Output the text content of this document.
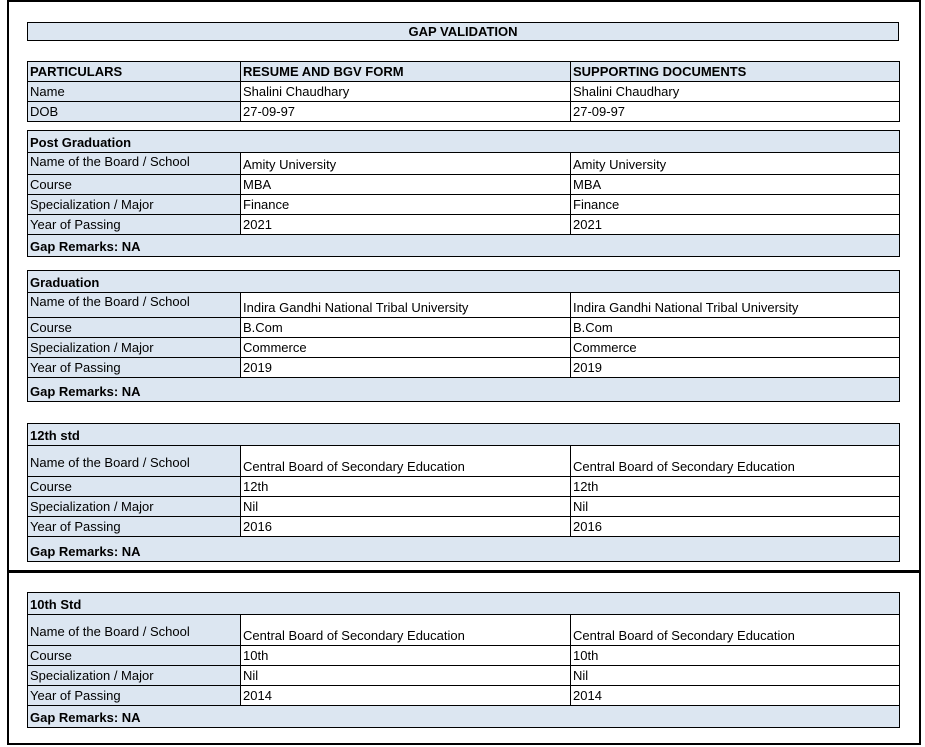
GAP VALIDATION
PARTICULARS	RESUME AND BGV FORM	SUPPORTING DOCUMENTS
Name	Shalini Chaudhary	Shalini Chaudhary
DOB	27-09-97	27-09-97
Post Graduation		
Name of the Board / School	Amity University	Amity University
Course	MBA	MBA
Specialization / Major	Finance	Finance
Year of Passing	2021	2021
Gap Remarks: NA		
Graduation		
Name of the Board / School	Indira Gandhi National Tribal University	Indira Gandhi National Tribal University
Course	B.Com	B.Com
Specialization / Major	Commerce	Commerce
Year of Passing	2019	2019
Gap Remarks: NA		
12th std		
Name of the Board / School	Central Board of Secondary Education	Central Board of Secondary Education
Course	12th	12th
Specialization / Major	Nil	Nil
Year of Passing	2016	2016
Gap Remarks: NA		
10th Std		
Name of the Board / School	Central Board of Secondary Education	Central Board of Secondary Education
Course	10th	10th
Specialization / Major	Nil	Nil
Year of Passing	2014	2014
Gap Remarks: NA		
